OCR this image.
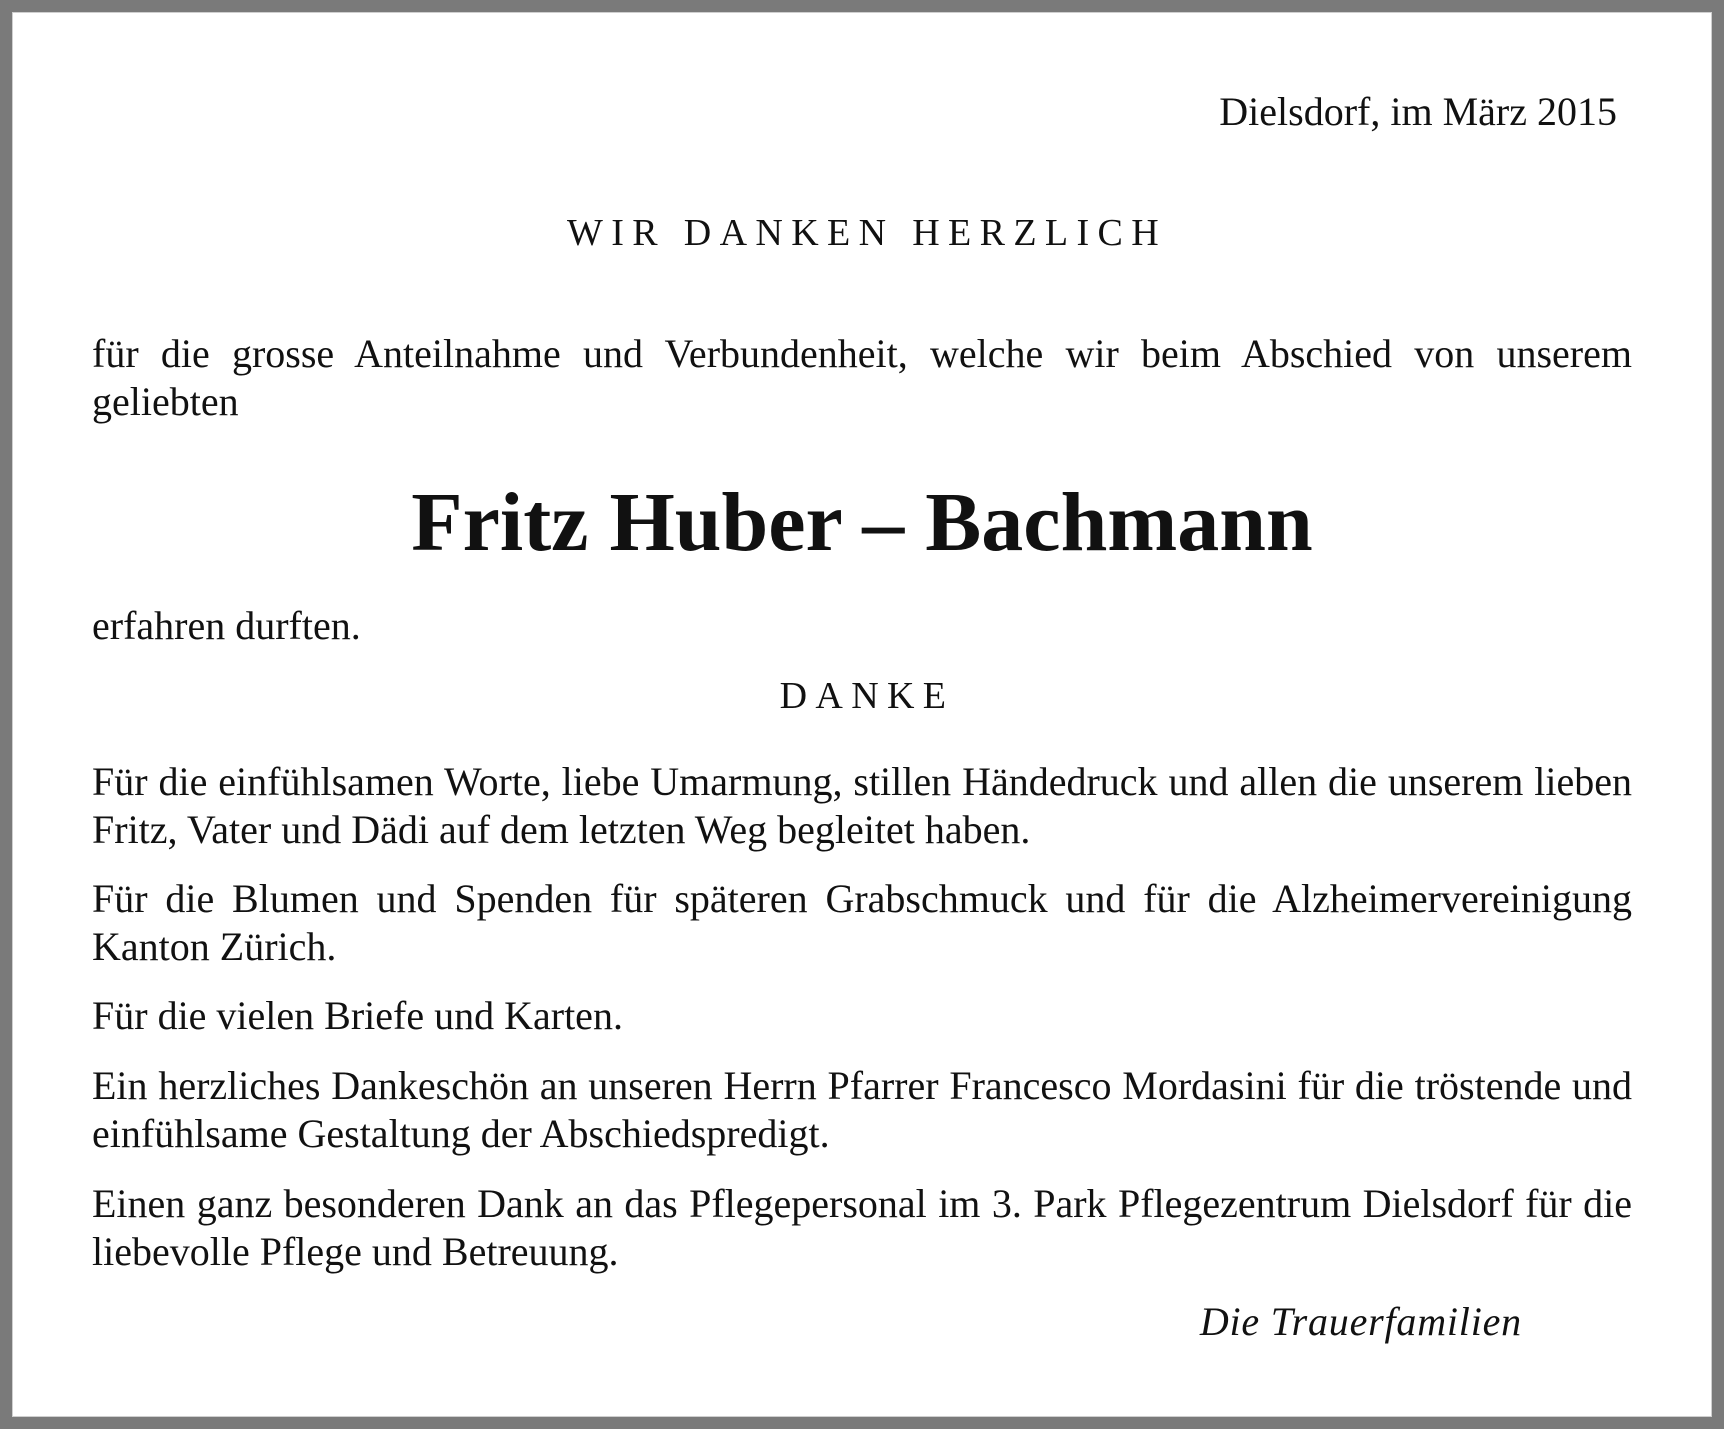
Dielsdorf, im März 2015
WIR DANKEN HERZLICH
für die grosse Anteilnahme und Verbundenheit, welche wir beim Abschied von unserem geliebten
Fritz Huber – Bachmann
erfahren durften.
DANKE
Für die einfühlsamen Worte, liebe Umarmung, stillen Händedruck und allen die unserem lieben Fritz, Vater und Dädi auf dem letzten Weg begleitet haben.
Für die Blumen und Spenden für späteren Grabschmuck und für die Alzheimervereinigung Kanton Zürich.
Für die vielen Briefe und Karten.
Ein herzliches Dankeschön an unseren Herrn Pfarrer Francesco Mordasini für die tröstende und einfühlsame Gestaltung der Abschiedspredigt.
Einen ganz besonderen Dank an das Pflegepersonal im 3. Park Pflegezentrum Dielsdorf für die liebevolle Pflege und Betreuung.
Die Trauerfamilien
